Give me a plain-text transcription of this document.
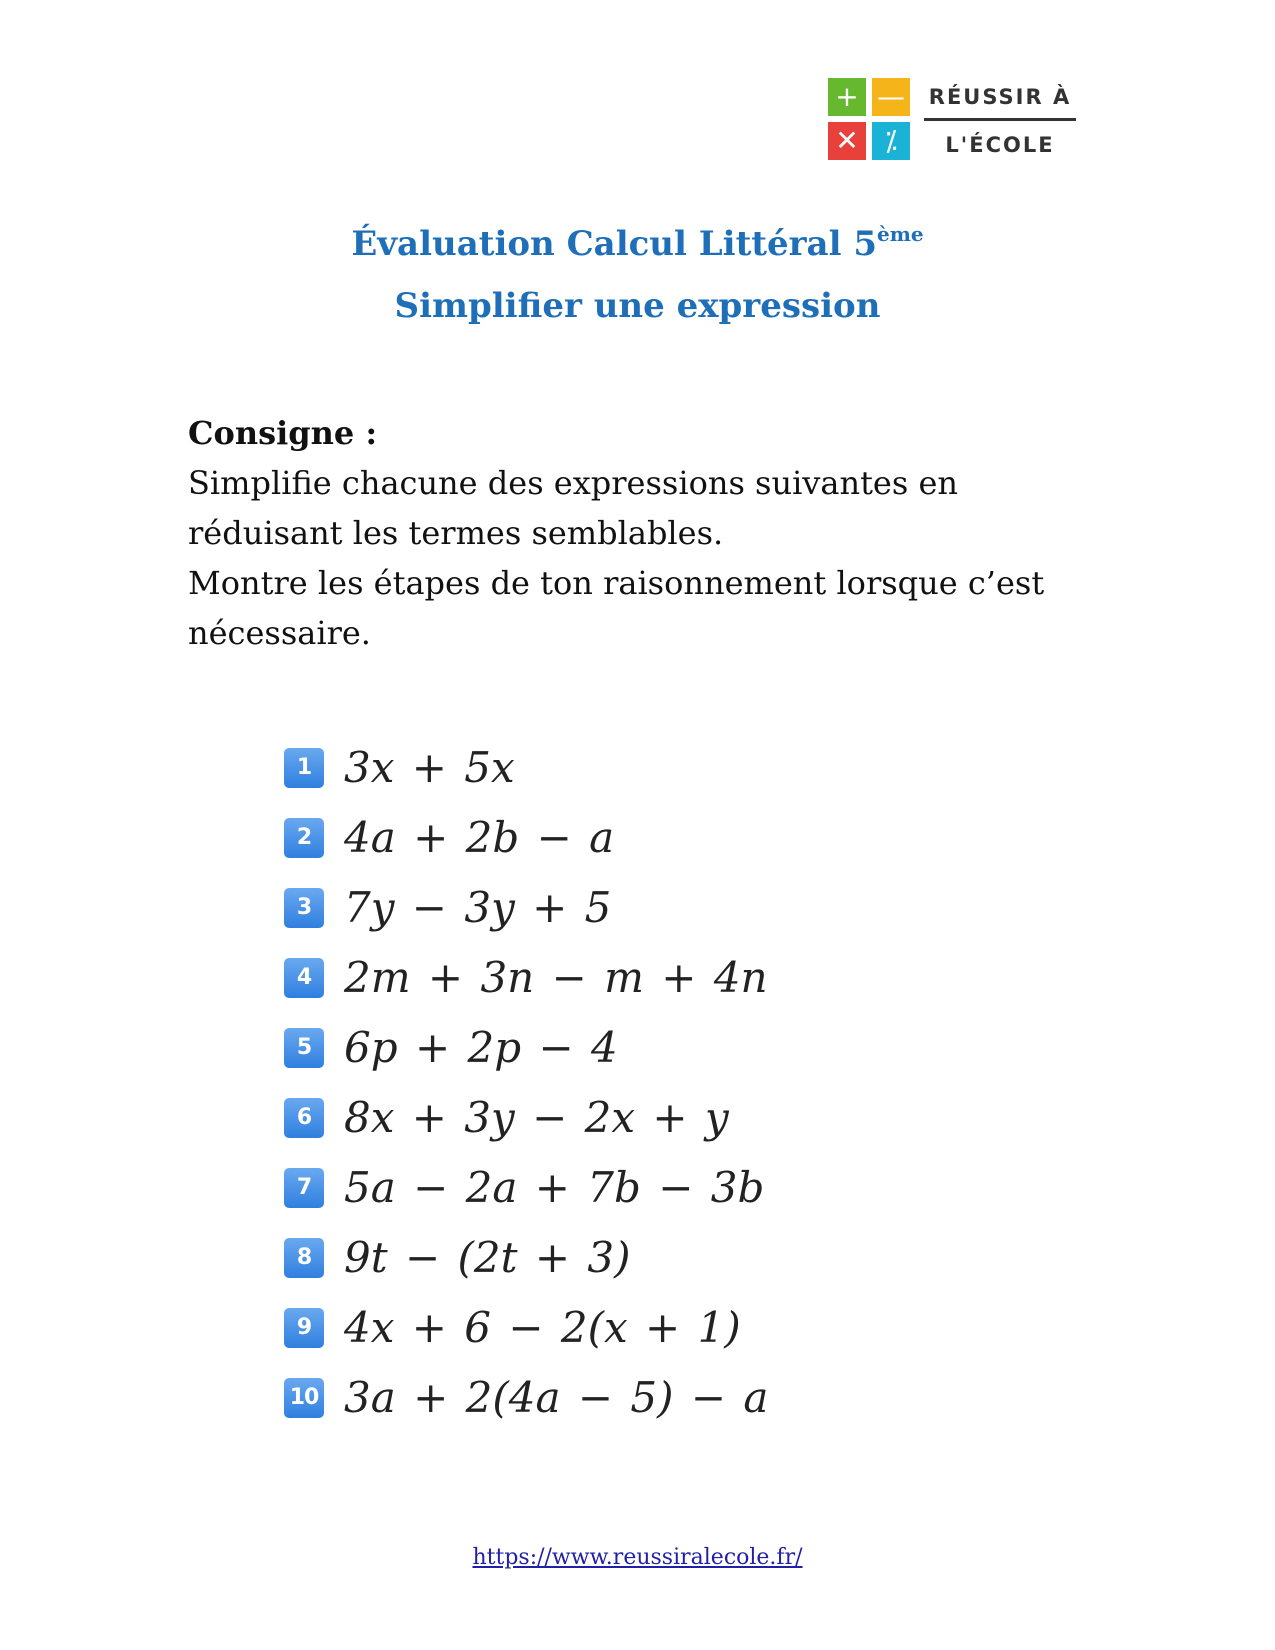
+ —
✕ ⁒
RÉUSSIR À
L'ÉCOLE
Évaluation Calcul Littéral 5ème
Simplifier une expression
Consigne :
Simplifie chacune des expressions suivantes en
réduisant les termes semblables.
Montre les étapes de ton raisonnement lorsque c’est
nécessaire.
1 3x + 5x
2 4a + 2b − a
3 7y − 3y + 5
4 2m + 3n − m + 4n
5 6p + 2p − 4
6 8x + 3y − 2x + y
7 5a − 2a + 7b − 3b
8 9t − (2t + 3)
9 4x + 6 − 2(x + 1)
10 3a + 2(4a − 5) − a
https://www.reussiralecole.fr/
